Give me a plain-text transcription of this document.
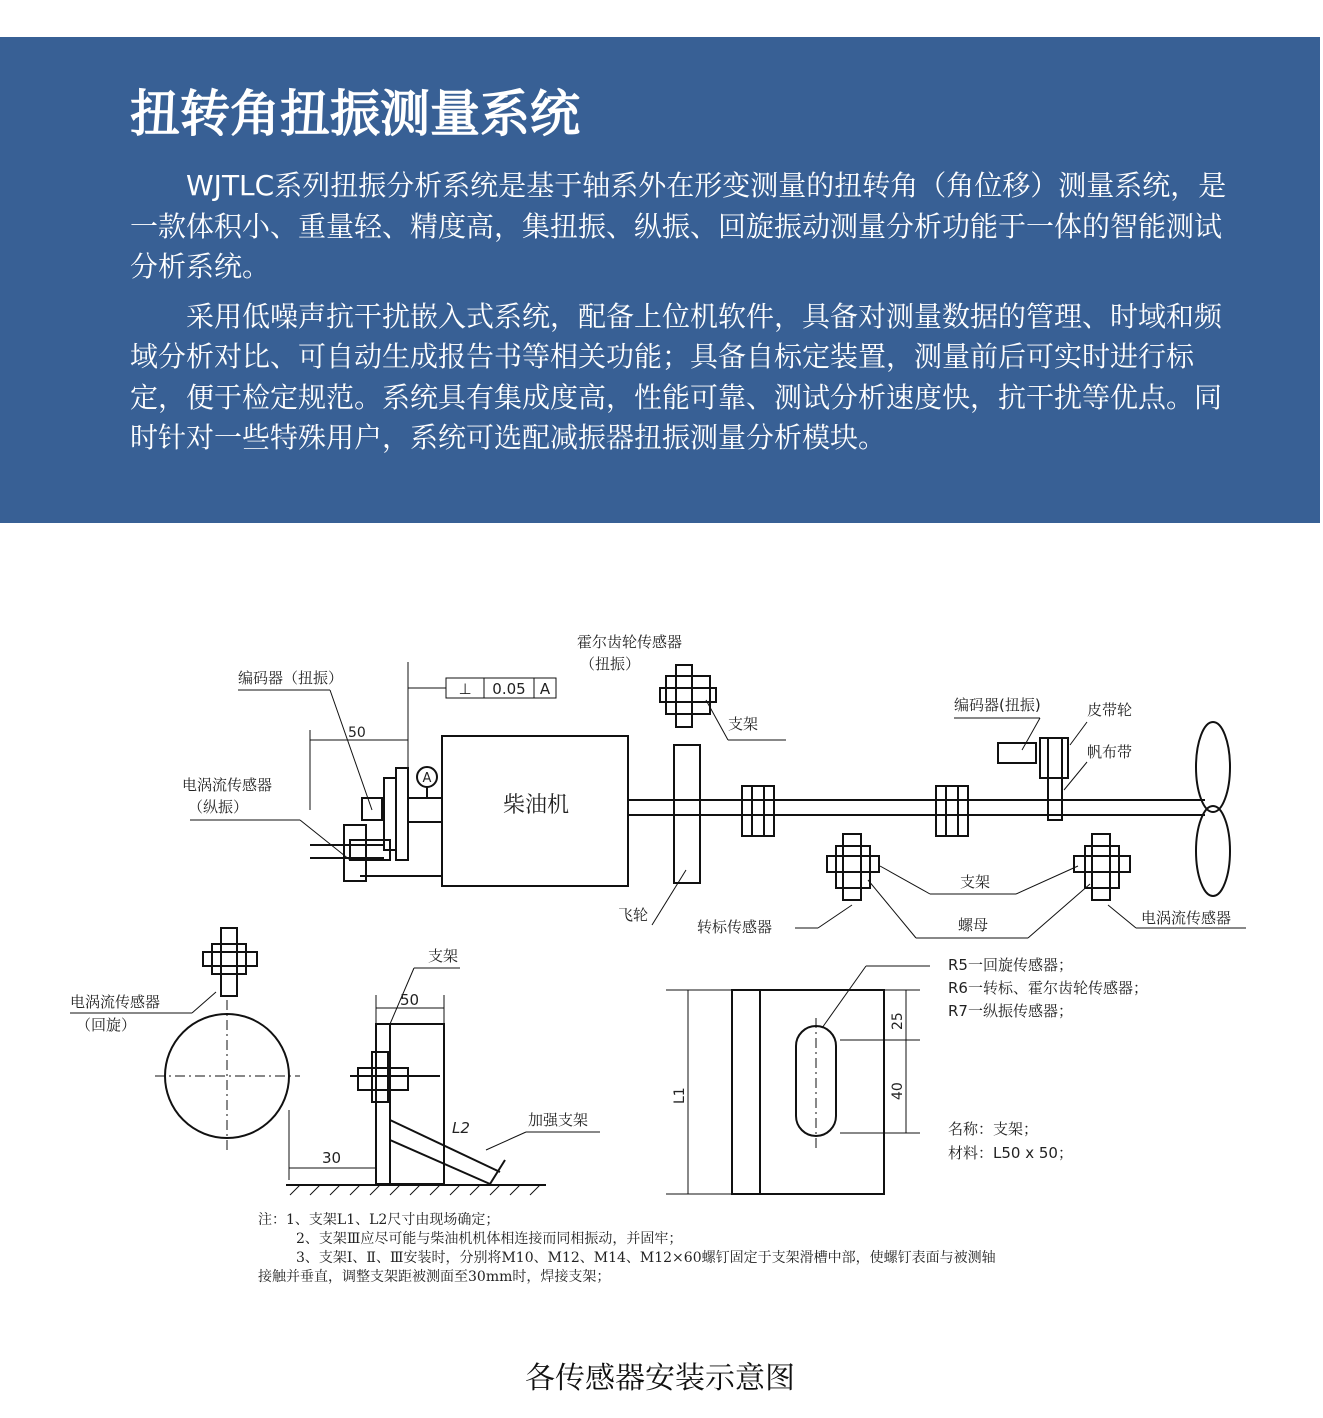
扭转角扭振测量系统

WJTLC系列扭振分析系统是基于轴系外在形变测量的扭转角（角位移）测量系统，是一款体积小、重量轻、精度高，集扭振、纵振、回旋振动测量分析功能于一体的智能测试分析系统。

采用低噪声抗干扰嵌入式系统，配备上位机软件，具备对测量数据的管理、时域和频域分析对比、可自动生成报告书等相关功能；具备自标定装置，测量前后可实时进行标定，便于检定规范。系统具有集成度高，性能可靠、测试分析速度快，抗干扰等优点。同时针对一些特殊用户，系统可选配减振器扭振测量分析模块。

柴油机
A
50
⊥ 0.05 A
编码器（扭振）
电涡流传感器
（纵振）
飞轮
霍尔齿轮传感器
（扭振）
支架
编码器(扭振)	皮带轮
帆布带
支架
螺母
转标传感器	电涡流传感器
电涡流传感器
（回旋）
30
支架
50
L2	加强支架
L1
25
40
R5一回旋传感器；
R6一转标、霍尔齿轮传感器；
R7一纵振传感器；
名称：支架；
材料：L50 x 50；
注：1、支架L1、L2尺寸由现场确定；
2、支架Ⅲ应尽可能与柴油机机体相连接而同相振动，并固牢；
3、支架Ⅰ、Ⅱ、Ⅲ安装时，分别将M10、M12、M14、M12×60螺钉固定于支架滑槽中部，使螺钉表面与被测轴
接触并垂直，调整支架距被测面至30mm时，焊接支架；
各传感器安装示意图
